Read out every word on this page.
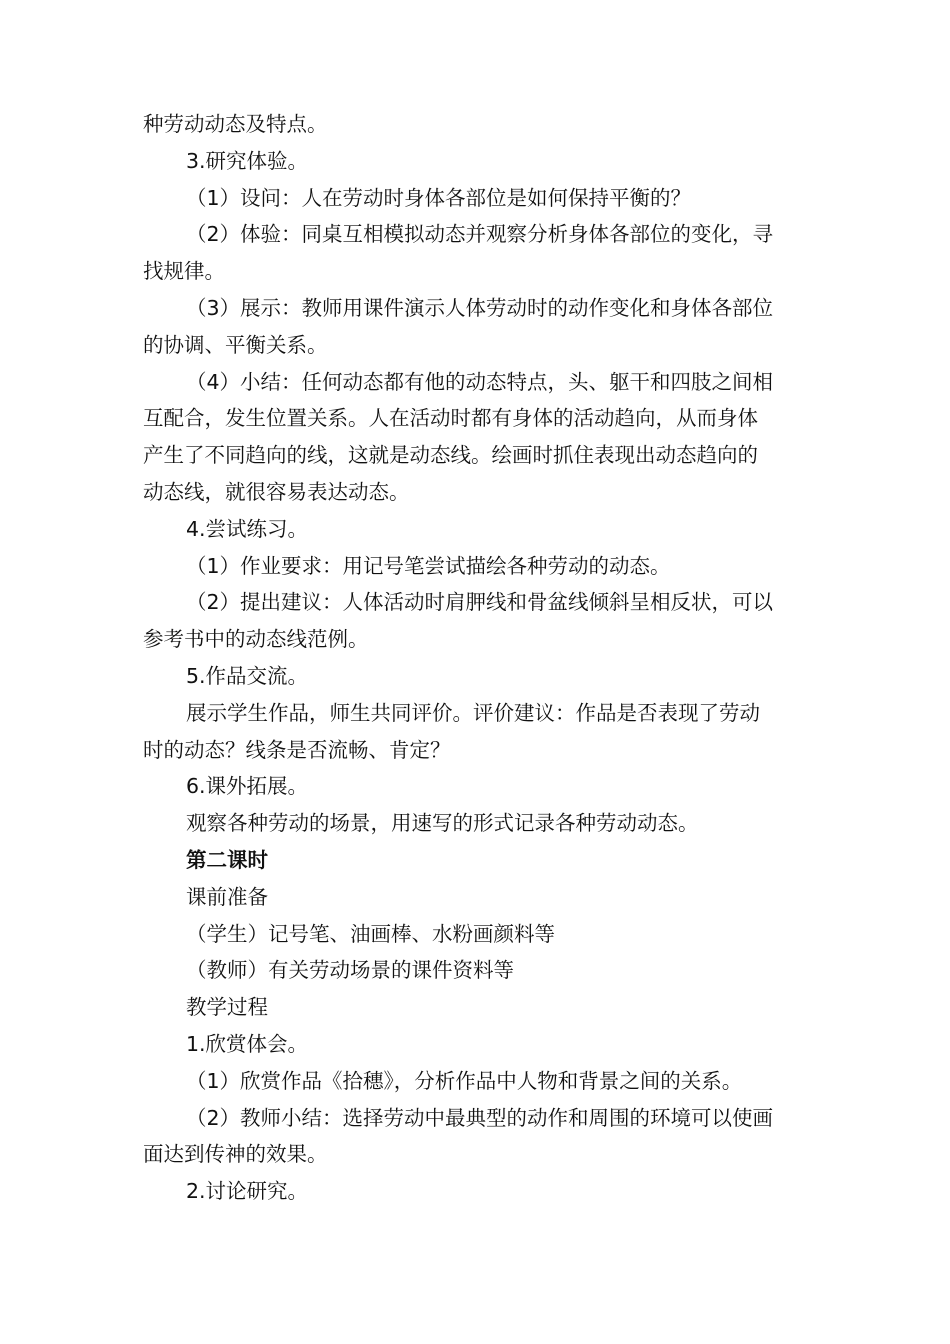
种劳动动态及特点。

3.研究体验。

（1）设问：人在劳动时身体各部位是如何保持平衡的？

（2）体验：同桌互相模拟动态并观察分析身体各部位的变化，寻

找规律。

（3）展示：教师用课件演示人体劳动时的动作变化和身体各部位

的协调、平衡关系。

（4）小结：任何动态都有他的动态特点，头、躯干和四肢之间相

互配合，发生位置关系。人在活动时都有身体的活动趋向，从而身体

产生了不同趋向的线，这就是动态线。绘画时抓住表现出动态趋向的

动态线，就很容易表达动态。

4.尝试练习。

（1）作业要求：用记号笔尝试描绘各种劳动的动态。

（2）提出建议：人体活动时肩胛线和骨盆线倾斜呈相反状，可以

参考书中的动态线范例。

5.作品交流。

展示学生作品，师生共同评价。评价建议：作品是否表现了劳动

时的动态？线条是否流畅、肯定？

6.课外拓展。

观察各种劳动的场景，用速写的形式记录各种劳动动态。

第二课时

课前准备

（学生）记号笔、油画棒、水粉画颜料等

（教师）有关劳动场景的课件资料等

教学过程

1.欣赏体会。

（1）欣赏作品《拾穗》，分析作品中人物和背景之间的关系。

（2）教师小结：选择劳动中最典型的动作和周围的环境可以使画

面达到传神的效果。

2.讨论研究。
